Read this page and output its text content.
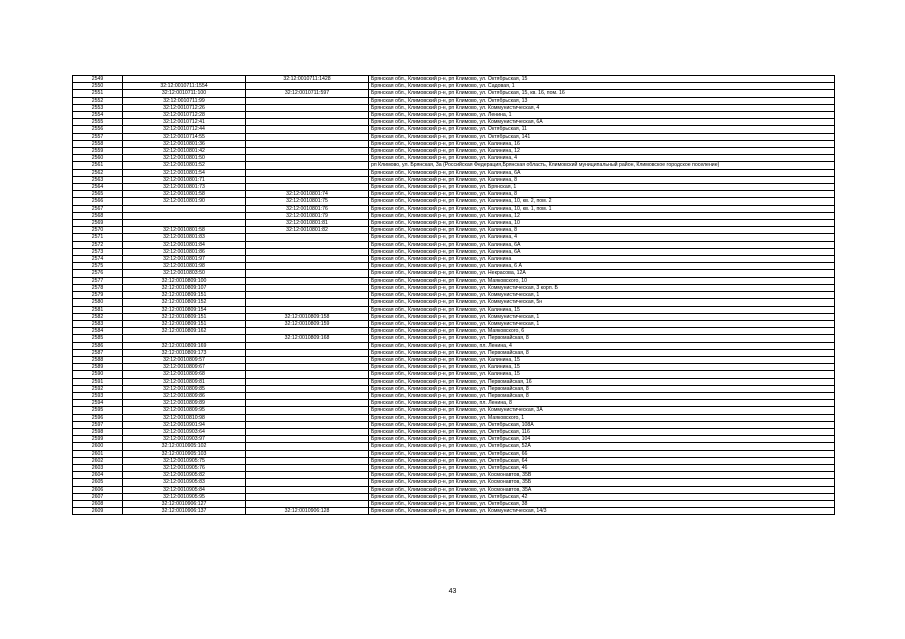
2549		32:12:0010711:1428	Брянская обл., Климовский р-н, рп Климово, ул. Октябрьская, 15
2550	32:12:0010711:1554		Брянская обл., Климовский р-н, рп Климово, ул. Садовая, 1
2551	32:12:0010711:100	32:12:0010711:597	Брянская обл., Климовский р-н, рп Климово, ул. Октябрьская, 15, кв. 16, пом. 16
2552	32:12:0010711:99		Брянская обл., Климовский р-н, рп Климово, ул. Октябрьская, 13
2553	32:12:0010712:26		Брянская обл., Климовский р-н, рп Климово, ул. Коммунистическая, 4
2554	32:12:0010712:28		Брянская обл., Климовский р-н, рп Климово, ул. Ленина, 1
2555	32:12:0010712:41		Брянская обл., Климовский р-н, рп Климово, ул. Коммунистическая, 6А
2556	32:12:0010712:44		Брянская обл., Климовский р-н, рп Климово, ул. Октябрьская, 11
2557	32:12:0010714:55		Брянская обл., Климовский р-н, рп Климово, ул. Октябрьская, 141
2558	32:12:0010801:36		Брянская обл., Климовский р-н, рп Климово, ул. Калинина, 16
2559	32:12:0010801:42		Брянская обл., Климовский р-н, рп Климово, ул. Калинина, 12
2560	32:12:0010801:50		Брянская обл., Климовский р-н, рп Климово, ул. Калинина, 4
2561	32:12:0010801:52		рп Климово, ул. Брянская, 3а (Российская Федерация,Брянская область, Климовский муниципальный район, Климовское городское поселение)
2562	32:12:0010801:54		Брянская обл., Климовский р-н, рп Климово, ул. Калинина, 6А
2563	32:12:0010801:71		Брянская обл., Климовский р-н, рп Климово, ул. Калинина, 8
2564	32:12:0010801:73		Брянская обл., Климовский р-н, рп Климово, ул. Брянская, 1
2565	32:12:0010801:58	32:12:0010801:74	Брянская обл., Климовский р-н, рп Климово, ул. Калинина, 8
2566	32:12:0010801:90	32:12:0010801:75	Брянская обл., Климовский р-н, рп Климово, ул. Калинина, 10, кв. 2, пом. 2
2567		32:12:0010801:76	Брянская обл., Климовский р-н, рп Климово, ул. Калинина, 10, кв. 1, пом. 1
2568		32:12:0010801:79	Брянская обл., Климовский р-н, рп Климово, ул. Калинина, 12
2569		32:12:0010801:81	Брянская обл., Климовский р-н, рп Климово, ул. Калинина, 10
2570	32:12:0010801:58	32:12:0010801:82	Брянская обл., Климовский р-н, рп Климово, ул. Калинина, 8
2571	32:12:0010801:83		Брянская обл., Климовский р-н, рп Климово, ул. Калинина, 4
2572	32:12:0010801:84		Брянская обл., Климовский р-н, рп Климово, ул. Калинина, 6А
2573	32:12:0010801:86		Брянская обл., Климовский р-н, рп Климово, ул. Калинина, 6А
2574	32:12:0010801:97		Брянская обл., Климовский р-н, рп Климово, ул. Калинина
2575	32:12:0010801:98		Брянская обл., Климовский р-н, рп Климово, ул. Калинина, 6 А
2576	32:12:0010803:50		Брянская обл., Климовский р-н, рп Климово, ул. Некрасова, 12А
2577	32:12:0010809:100		Брянская обл., Климовский р-н, рп Климово, ул. Маяковского, 10
2578	32:12:0010809:107		Брянская обл., Климовский р-н, рп Климово, ул. Коммунистическая, 3 корп. Б
2579	32:12:0010809:151		Брянская обл., Климовский р-н, рп Климово, ул. Коммунистическая, 1
2580	32:12:0010809:152		Брянская обл., Климовский р-н, рп Климово, ул. Коммунистическая, 5н
2581	32:12:0010809:154		Брянская обл., Климовский р-н, рп Климово, ул. Калинина, 15
2582	32:12:0010809:151	32:12:0010809:158	Брянская обл., Климовский р-н, рп Климово, ул. Коммунистическая, 1
2583	32:12:0010809:151	32:12:0010809:159	Брянская обл., Климовский р-н, рп Климово, ул. Коммунистическая, 1
2584	32:12:0010809:162		Брянская обл., Климовский р-н, рп Климово, ул. Маяковского, 6
2585		32:12:0010809:168	Брянская обл., Климовский р-н, рп Климово, ул. Первомайская, 8
2586	32:12:0010809:169		Брянская обл., Климовский р-н, рп Климово, пл. Ленина, 4
2587	32:12:0010809:173		Брянская обл., Климовский р-н, рп Климово, ул. Первомайская, 8
2588	32:12:0010809:57		Брянская обл., Климовский р-н, рп Климово, ул. Калинина, 15
2589	32:12:0010809:67		Брянская обл., Климовский р-н, рп Климово, ул. Калинина, 15
2590	32:12:0010809:68		Брянская обл., Климовский р-н, рп Климово, ул. Калинина, 15
2591	32:12:0010809:81		Брянская обл., Климовский р-н, рп Климово, ул. Первомайская, 16
2592	32:12:0010809:85		Брянская обл., Климовский р-н, рп Климово, ул. Первомайская, 8
2593	32:12:0010809:86		Брянская обл., Климовский р-н, рп Климово, ул. Первомайская, 8
2594	32:12:0010809:89		Брянская обл., Климовский р-н, рп Климово, пл. Ленина, 8
2595	32:12:0010809:95		Брянская обл., Климовский р-н, рп Климово, ул. Коммунистическая, 3А
2596	32:12:0010810:98		Брянская обл., Климовский р-н, рп Климово, ул. Маяковского, 1
2597	32:12:0010901:94		Брянская обл., Климовский р-н, рп Климово, ул. Октябрьская, 108А
2598	32:12:0010903:64		Брянская обл., Климовский р-н, рп Климово, ул. Октябрьская, 116
2599	32:12:0010903:97		Брянская обл., Климовский р-н, рп Климово, ул. Октябрьская, 104
2600	32:12:0010905:102		Брянская обл., Климовский р-н, рп Климово, ул. Октябрьская, 52А
2601	32:12:0010905:103		Брянская обл., Климовский р-н, рп Климово, ул. Октябрьская, 66
2602	32:12:0010905:75		Брянская обл., Климовский р-н, рп Климово, ул. Октябрьская, 64
2603	32:12:0010905:76		Брянская обл., Климовский р-н, рп Климово, ул. Октябрьская, 46
2604	32:12:0010905:82		Брянская обл., Климовский р-н, рп Климово, ул. Космонавтов, 35В
2605	32:12:0010905:83		Брянская обл., Климовский р-н, рп Климово, ул. Космонавтов, 35Б
2606	32:12:0010905:84		Брянская обл., Климовский р-н, рп Климово, ул. Космонавтов, 35А
2607	32:12:0010905:95		Брянская обл., Климовский р-н, рп Климово, ул. Октябрьская, 42
2608	32:12:0010906:127		Брянская обл., Климовский р-н, рп Климово, ул. Октябрьская, 38
2609	32:12:0010906:137	32:12:0010906:128	Брянская обл., Климовский р-н, рп Климово, ул. Коммунистическая, 14/3
43
